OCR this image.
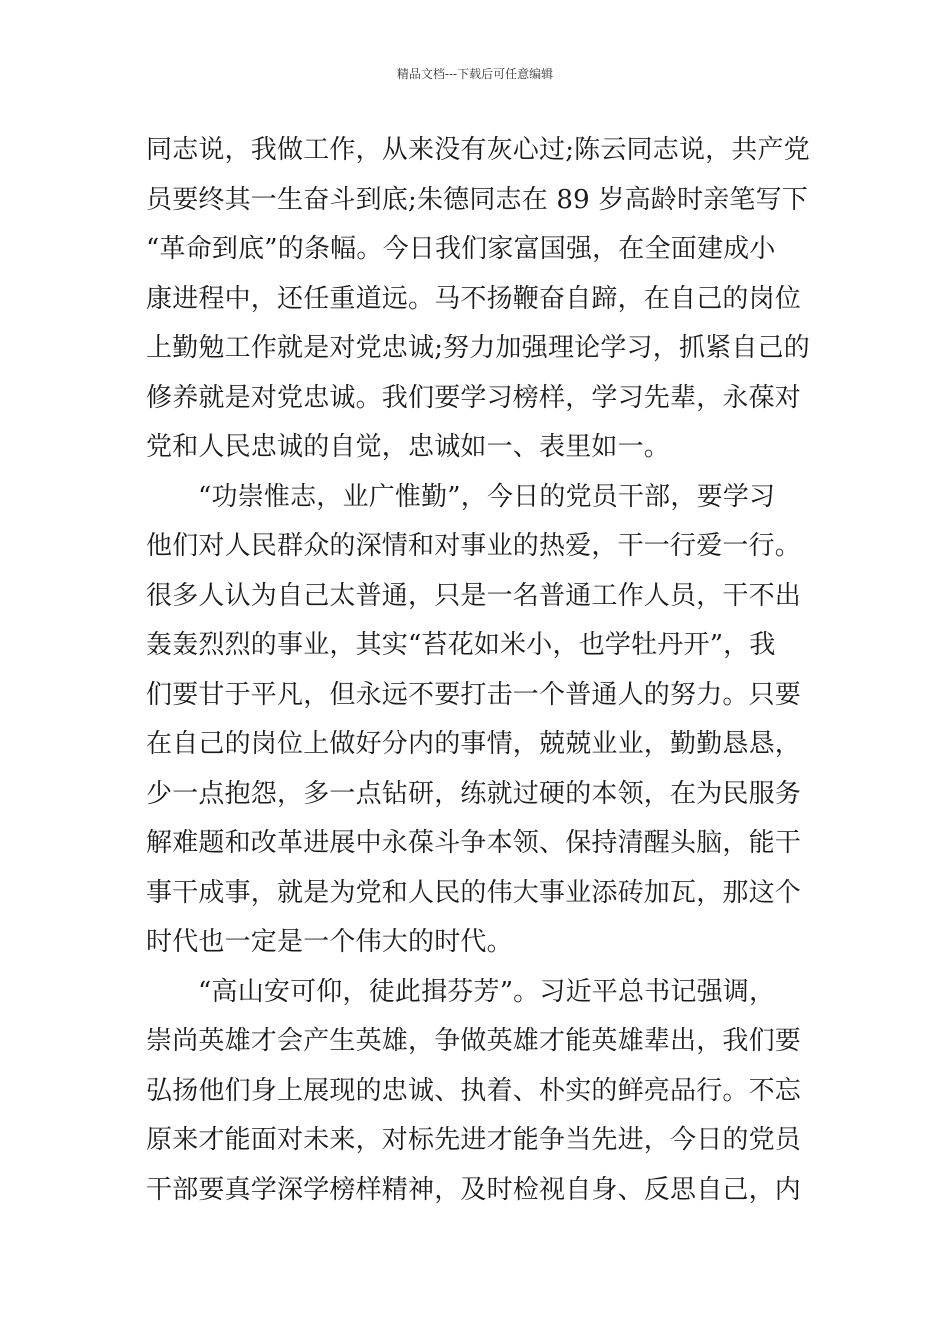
精品文档---下载后可任意编辑
同志说，我做工作，从来没有灰心过;陈云同志说，共产党
员要终其一生奋斗到底;朱德同志在 89 岁高龄时亲笔写下
“革命到底”的条幅。今日我们家富国强，在全面建成小
康进程中，还任重道远。马不扬鞭奋自蹄，在自己的岗位
上勤勉工作就是对党忠诚;努力加强理论学习，抓紧自己的
修养就是对党忠诚。我们要学习榜样，学习先辈，永葆对
党和人民忠诚的自觉，忠诚如一、表里如一。
“功崇惟志，业广惟勤”，今日的党员干部，要学习
他们对人民群众的深情和对事业的热爱，干一行爱一行。
很多人认为自己太普通，只是一名普通工作人员，干不出
轰轰烈烈的事业，其实“苔花如米小，也学牡丹开”，我
们要甘于平凡，但永远不要打击一个普通人的努力。只要
在自己的岗位上做好分内的事情，兢兢业业，勤勤恳恳，
少一点抱怨，多一点钻研，练就过硬的本领，在为民服务
解难题和改革进展中永葆斗争本领、保持清醒头脑，能干
事干成事，就是为党和人民的伟大事业添砖加瓦，那这个
时代也一定是一个伟大的时代。
“高山安可仰，徒此揖芬芳”。习近平总书记强调，
崇尚英雄才会产生英雄，争做英雄才能英雄辈出，我们要
弘扬他们身上展现的忠诚、执着、朴实的鲜亮品行。不忘
原来才能面对未来，对标先进才能争当先进，今日的党员
干部要真学深学榜样精神，及时检视自身、反思自己，内
